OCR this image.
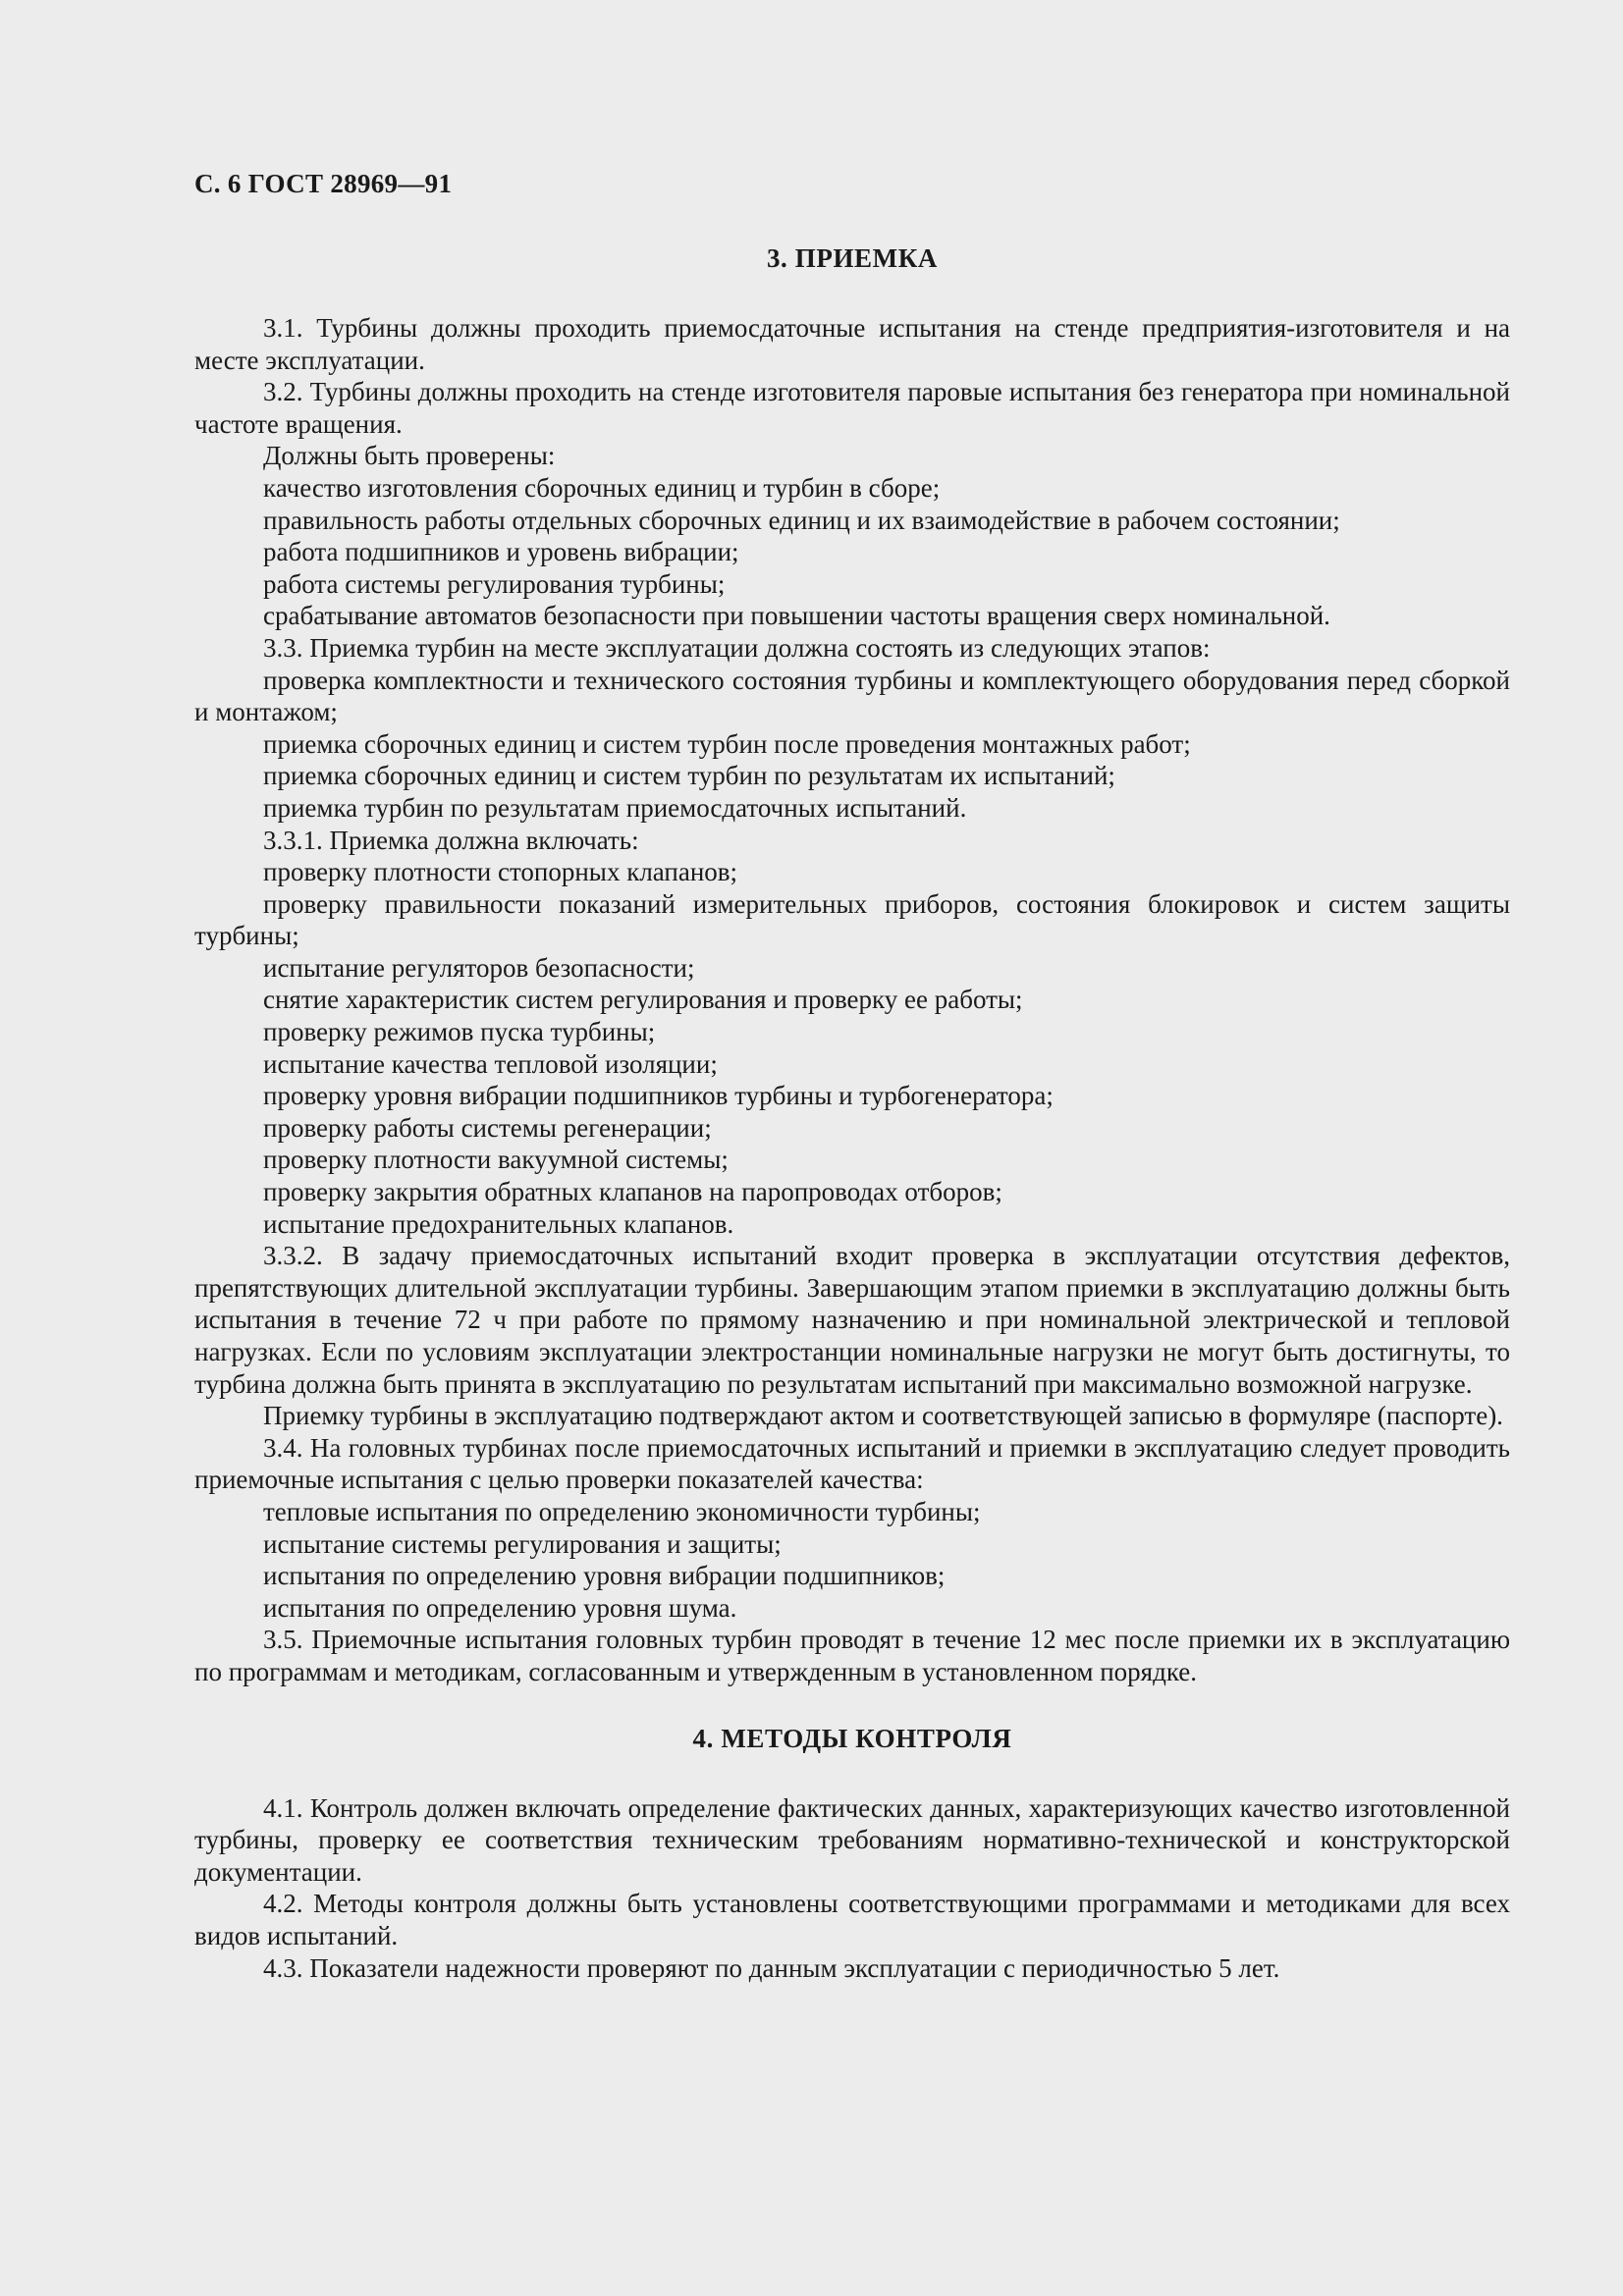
С. 6 ГОСТ 28969—91
3. ПРИЕМКА

3.1. Турбины должны проходить приемосдаточные испытания на стенде предприятия-изготовителя и на месте эксплуатации.

3.2. Турбины должны проходить на стенде изготовителя паровые испытания без генератора при номинальной частоте вращения.

Должны быть проверены:

качество изготовления сборочных единиц и турбин в сборе;

правильность работы отдельных сборочных единиц и их взаимодействие в рабочем состоянии;

работа подшипников и уровень вибрации;

работа системы регулирования турбины;

срабатывание автоматов безопасности при повышении частоты вращения сверх номинальной.

3.3. Приемка турбин на месте эксплуатации должна состоять из следующих этапов:

проверка комплектности и технического состояния турбины и комплектующего оборудования перед сборкой и монтажом;

приемка сборочных единиц и систем турбин после проведения монтажных работ;

приемка сборочных единиц и систем турбин по результатам их испытаний;

приемка турбин по результатам приемосдаточных испытаний.

3.3.1. Приемка должна включать:

проверку плотности стопорных клапанов;

проверку правильности показаний измерительных приборов, состояния блокировок и систем защиты турбины;

испытание регуляторов безопасности;

снятие характеристик систем регулирования и проверку ее работы;

проверку режимов пуска турбины;

испытание качества тепловой изоляции;

проверку уровня вибрации подшипников турбины и турбогенератора;

проверку работы системы регенерации;

проверку плотности вакуумной системы;

проверку закрытия обратных клапанов на паропроводах отборов;

испытание предохранительных клапанов.

3.3.2. В задачу приемосдаточных испытаний входит проверка в эксплуатации отсутствия дефектов, препятствующих длительной эксплуатации турбины. Завершающим этапом приемки в эксплуатацию должны быть испытания в течение 72 ч при работе по прямому назначению и при номинальной электрической и тепловой нагрузках. Если по условиям эксплуатации электростанции номинальные нагрузки не могут быть достигнуты, то турбина должна быть принята в эксплуатацию по результатам испытаний при максимально возможной нагрузке.

Приемку турбины в эксплуатацию подтверждают актом и соответствующей записью в формуляре (паспорте).

3.4. На головных турбинах после приемосдаточных испытаний и приемки в эксплуатацию следует проводить приемочные испытания с целью проверки показателей качества:

тепловые испытания по определению экономичности турбины;

испытание системы регулирования и защиты;

испытания по определению уровня вибрации подшипников;

испытания по определению уровня шума.

3.5. Приемочные испытания головных турбин проводят в течение 12 мес после приемки их в эксплуатацию по программам и методикам, согласованным и утвержденным в установленном порядке.

4. МЕТОДЫ КОНТРОЛЯ

4.1. Контроль должен включать определение фактических данных, характеризующих качество изготовленной турбины, проверку ее соответствия техническим требованиям нормативно-технической и конструкторской документации.

4.2. Методы контроля должны быть установлены соответствующими программами и методиками для всех видов испытаний.

4.3. Показатели надежности проверяют по данным эксплуатации с периодичностью 5 лет.
